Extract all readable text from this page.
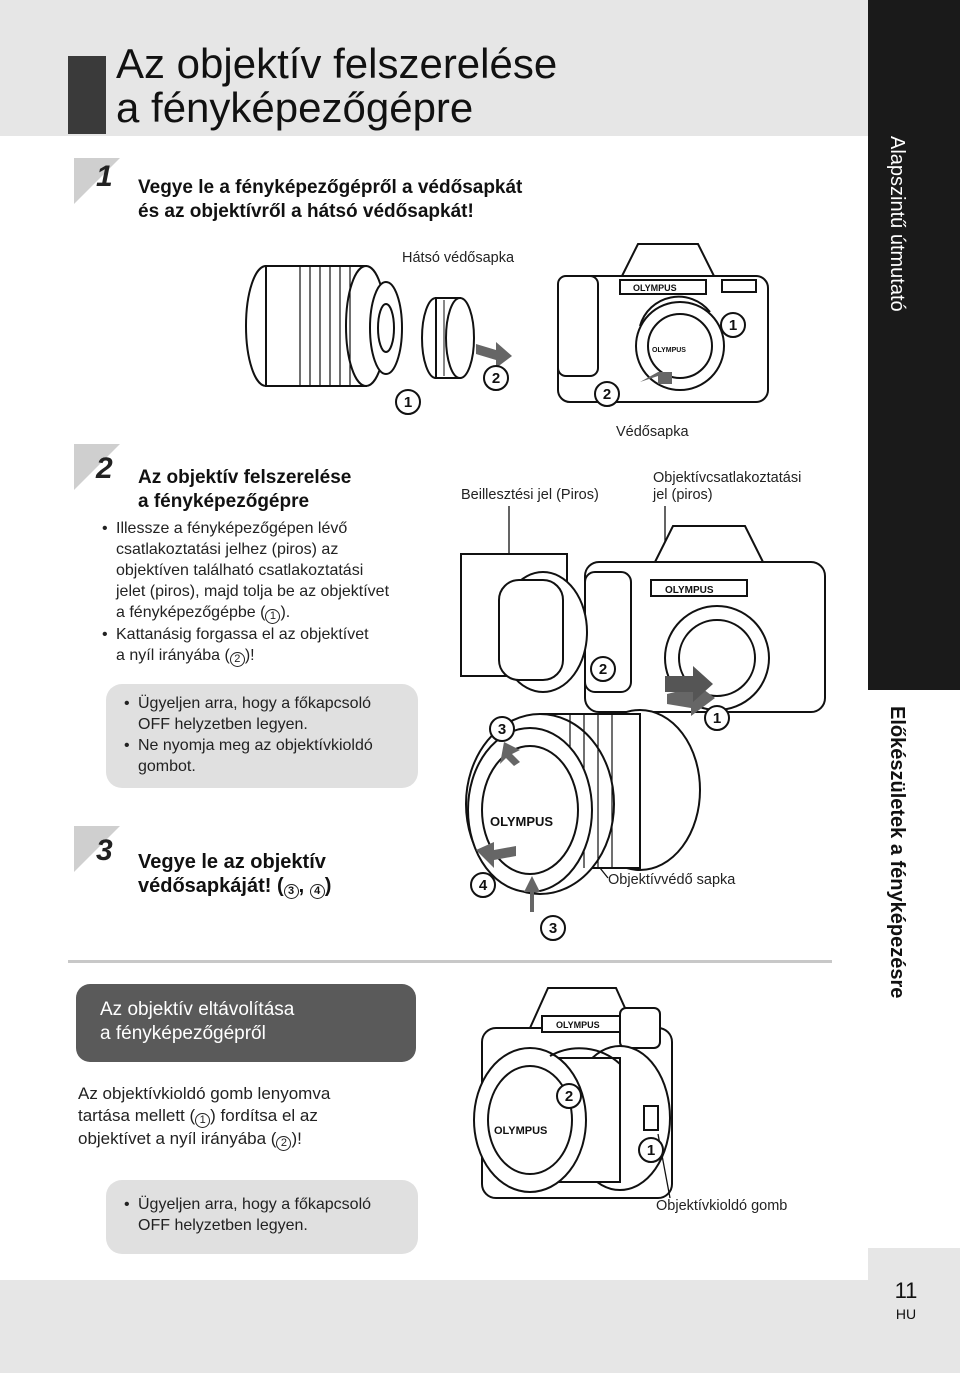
Az objektív felszerelése
a fényképezőgépre
Alapszintű útmutató
Előkészületek a fényképezésre
11
HU
1 Vegye le a fényképezőgépről a védősapkát
és az objektívről a hátsó védősapkát!
Hátsó védősapka
OLYMPUS
OLYMPUS
Védősapka
1
2
2
1
2 Az objektív felszerelése
a fényképezőgépre
• Illessze a fényképezőgépen lévő
csatlakoztatási jelhez (piros) az
objektíven található csatlakoztatási
jelet (piros), majd tolja be az objektívet
a fényképezőgépbe ( 1 ).
• Kattanásig forgassa el az objektívet
a nyíl irányába ( 2 )!
• Ügyeljen arra, hogy a főkapcsoló
OFF helyzetben legyen.
• Ne nyomja meg az objektívkioldó
gombot.
Beillesztési jel (Piros)
Objektívcsatlakoztatási
jel (piros)
OLYMPUS
2
1
OLYMPUS
Objektívvédő sapka
3
4
3
3 Vegye le az objektív
védősapkáját! ( 3 , 4 )
Az objektív eltávolítása
a fényképezőgépről
Az objektívkioldó gomb lenyomva
tartása mellett ( 1 ) fordítsa el az
objektívet a nyíl irányába ( 2 )!
• Ügyeljen arra, hogy a főkapcsoló
OFF helyzetben legyen.
OLYMPUS
OLYMPUS
Objektívkioldó gomb
2
1
